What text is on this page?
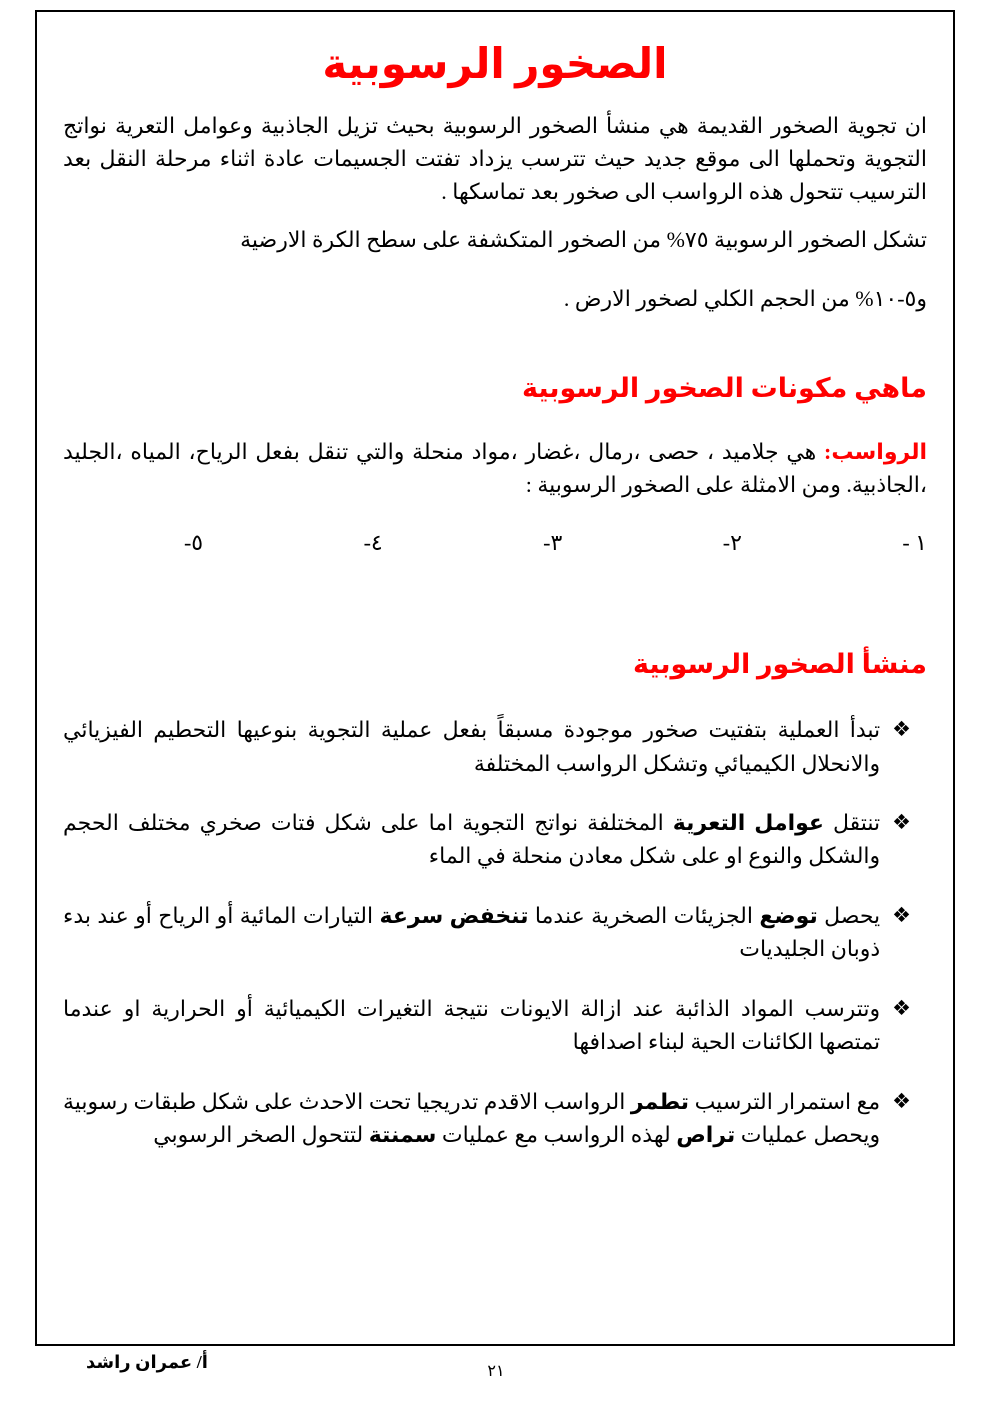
الصخور الرسوبية

ان تجوية الصخور القديمة هي منشأ الصخور الرسوبية بحيث تزيل الجاذبية وعوامل التعرية نواتج التجوية وتحملها الى موقع جديد حيث تترسب يزداد تفتت الجسيمات عادة اثناء مرحلة النقل بعد الترسيب تتحول هذه الرواسب الى صخور بعد تماسكها .

تشكل الصخور الرسوبية ٧٥% من الصخور المتكشفة على سطح الكرة الارضية

و٥-١٠% من الحجم الكلي لصخور الارض .

ماهي مكونات الصخور الرسوبية

الرواسب: هي جلاميد ، حصى ،رمال ،غضار ،مواد منحلة والتي تنقل بفعل الرياح، المياه ،الجليد ،الجاذبية. ومن الامثلة على الصخور الرسوبية :

١ -
٢-
٣-
٤-
٥-
منشأ الصخور الرسوبية
❖
تبدأ العملية بتفتيت صخور موجودة مسبقاً بفعل عملية التجوية بنوعيها التحطيم الفيزيائي والانحلال الكيميائي وتشكل الرواسب المختلفة
❖
تنتقل عوامل التعرية المختلفة نواتج التجوية اما على شكل فتات صخري مختلف الحجم والشكل والنوع او على شكل معادن منحلة في الماء
❖
يحصل توضع الجزيئات الصخرية عندما تنخفض سرعة التيارات المائية أو الرياح أو عند بدء ذوبان الجليديات
❖
وتترسب المواد الذائبة عند ازالة الايونات نتيجة التغيرات الكيميائية أو الحرارية او عندما تمتصها الكائنات الحية لبناء اصدافها
❖
مع استمرار الترسيب تطمر الرواسب الاقدم تدريجيا تحت الاحدث على شكل طبقات رسوبية ويحصل عمليات تراص لهذه الرواسب مع عمليات سمنتة لتتحول الصخر الرسوبي
أ/ عمران راشد	٢١
